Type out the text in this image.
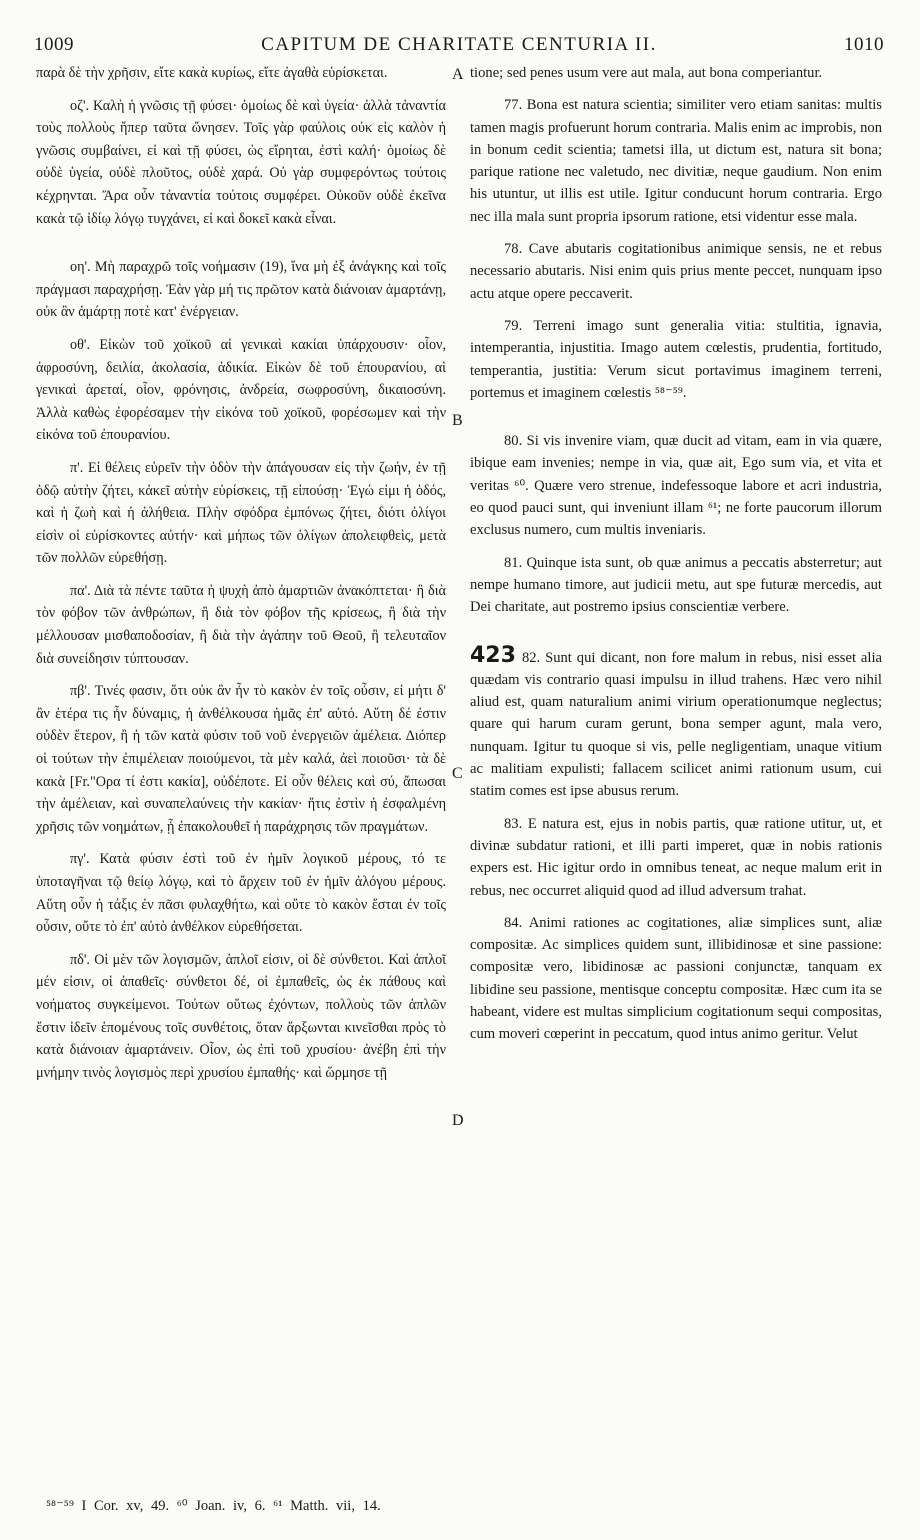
1009	CAPITUM DE CHARITATE CENTURIA II.	1010
A
B
C
D

παρὰ δὲ τὴν χρῆσιν, εἴτε κακὰ κυρίως, εἴτε ἀγαθὰ εὑρίσκεται.

οζ'. Καλὴ ἡ γνῶσις τῇ φύσει· ὁμοίως δὲ καὶ ὑγεία· ἀλλὰ τἀναντία τοὺς πολλοὺς ἤπερ ταῦτα ὤνησεν. Τοῖς γὰρ φαύλοις οὐκ εἰς καλὸν ἡ γνῶσις συμβαίνει, εἰ καὶ τῇ φύσει, ὡς εἴρηται, ἐστὶ καλή· ὁμοίως δὲ οὐδὲ ὑγεία, οὐδὲ πλοῦτος, οὐδὲ χαρά. Οὐ γὰρ συμφερόντως τούτοις κέχρηνται. Ἄρα οὖν τἀναντία τούτοις συμφέρει. Οὐκοῦν οὐδὲ ἐκεῖνα κακὰ τῷ ἰδίῳ λόγῳ τυγχάνει, εἰ καὶ δοκεῖ κακὰ εἶναι.

οη'. Μὴ παραχρῶ τοῖς νοήμασιν (19), ἵνα μὴ ἐξ ἀνάγκης καὶ τοῖς πράγμασι παραχρήσῃ. Ἐὰν γὰρ μή τις πρῶτον κατὰ διάνοιαν ἁμαρτάνῃ, οὐκ ἂν ἁμάρτῃ ποτὲ κατ' ἐνέργειαν.

οθ'. Εἰκὼν τοῦ χοϊκοῦ αἱ γενικαὶ κακίαι ὑπάρχουσιν· οἷον, ἀφροσύνη, δειλία, ἀκολασία, ἀδικία. Εἰκὼν δὲ τοῦ ἐπουρανίου, αἱ γενικαὶ ἀρεταί, οἷον, φρόνησις, ἀνδρεία, σωφροσύνη, δικαιοσύνη. Ἀλλὰ καθὼς ἐφορέσαμεν τὴν εἰκόνα τοῦ χοϊκοῦ, φορέσωμεν καὶ τὴν εἰκόνα τοῦ ἐπουρανίου.

π'. Εἰ θέλεις εὑρεῖν τὴν ὁδὸν τὴν ἀπάγουσαν εἰς τὴν ζωήν, ἐν τῇ ὁδῷ αὐτὴν ζήτει, κἀκεῖ αὐτὴν εὑρίσκεις, τῇ εἰπούσῃ· Ἐγώ εἰμι ἡ ὁδός, καὶ ἡ ζωὴ καὶ ἡ ἀλήθεια. Πλὴν σφόδρα ἐμπόνως ζήτει, διότι ὀλίγοι εἰσὶν οἱ εὑρίσκοντες αὐτήν· καὶ μήπως τῶν ὀλίγων ἀπολειφθεὶς, μετὰ τῶν πολλῶν εὑρεθήσῃ.

πα'. Διὰ τὰ πέντε ταῦτα ἡ ψυχὴ ἀπὸ ἁμαρτιῶν ἀνακόπτεται· ἢ διὰ τὸν φόβον τῶν ἀνθρώπων, ἢ διὰ τὸν φόβον τῆς κρίσεως, ἢ διὰ τὴν μέλλουσαν μισθαποδοσίαν, ἢ διὰ τὴν ἀγάπην τοῦ Θεοῦ, ἢ τελευταῖον διὰ συνείδησιν τύπτουσαν.

πβ'. Τινές φασιν, ὅτι οὐκ ἂν ἦν τὸ κακὸν ἐν τοῖς οὖσιν, εἰ μήτι δ' ἂν ἑτέρα τις ἦν δύναμις, ἡ ἀνθέλκουσα ἡμᾶς ἐπ' αὐτό. Αὕτη δέ ἐστιν οὐδὲν ἕτερον, ἢ ἡ τῶν κατὰ φύσιν τοῦ νοῦ ἐνεργειῶν ἀμέλεια. Διόπερ οἱ τούτων τὴν ἐπιμέλειαν ποιούμενοι, τὰ μὲν καλά, ἀεὶ ποιοῦσι· τὰ δὲ κακὰ [Fr."Ορα τί ἐστι κακία], οὐδέποτε. Εἰ οὖν θέλεις καὶ σύ, ἄπωσαι τὴν ἀμέλειαν, καὶ συναπελαύνεις τὴν κακίαν· ἥτις ἐστὶν ἡ ἐσφαλμένη χρῆσις τῶν νοημάτων, ᾗ ἐπακολουθεῖ ἡ παράχρησις τῶν πραγμάτων.

πγ'. Κατὰ φύσιν ἐστὶ τοῦ ἐν ἡμῖν λογικοῦ μέρους, τό τε ὑποταγῆναι τῷ θείῳ λόγῳ, καὶ τὸ ἄρχειν τοῦ ἐν ἡμῖν ἀλόγου μέρους. Αὕτη οὖν ἡ τάξις ἐν πᾶσι φυλαχθήτω, καὶ οὔτε τὸ κακὸν ἔσται ἐν τοῖς οὖσιν, οὔτε τὸ ἐπ' αὐτὸ ἀνθέλκον εὑρεθήσεται.

πδ'. Οἱ μὲν τῶν λογισμῶν, ἁπλοῖ εἰσιν, οἱ δὲ σύνθετοι. Καὶ ἁπλοῖ μέν εἰσιν, οἱ ἀπαθεῖς· σύνθετοι δέ, οἱ ἐμπαθεῖς, ὡς ἐκ πάθους καὶ νοήματος συγκείμενοι. Τούτων οὕτως ἐχόντων, πολλοὺς τῶν ἁπλῶν ἔστιν ἰδεῖν ἑπομένους τοῖς συνθέτοις, ὅταν ἄρξωνται κινεῖσθαι πρὸς τὸ κατὰ διάνοιαν ἁμαρτάνειν. Οἷον, ὡς ἐπὶ τοῦ χρυσίου· ἀνέβη ἐπὶ τὴν μνήμην τινὸς λογισμὸς περὶ χρυσίου ἐμπαθής· καὶ ὥρμησε τῇ

tione; sed penes usum vere aut mala, aut bona comperiantur.

77. Bona est natura scientia; similiter vero etiam sanitas: multis tamen magis profuerunt horum contraria. Malis enim ac improbis, non in bonum cedit scientia; tametsi illa, ut dictum est, natura sit bona; parique ratione nec valetudo, nec divitiæ, neque gaudium. Non enim his utuntur, ut illis est utile. Igitur conducunt horum contraria. Ergo nec illa mala sunt propria ipsorum ratione, etsi videntur esse mala.

78. Cave abutaris cogitationibus animique sensis, ne et rebus necessario abutaris. Nisi enim quis prius mente peccet, nunquam ipso actu atque opere peccaverit.

79. Terreni imago sunt generalia vitia: stultitia, ignavia, intemperantia, injustitia. Imago autem cœlestis, prudentia, fortitudo, temperantia, justitia: Verum sicut portavimus imaginem terreni, portemus et imaginem cœlestis ⁵⁸⁻⁵⁹.

80. Si vis invenire viam, quæ ducit ad vitam, eam in via quære, ibique eam invenies; nempe in via, quæ ait, Ego sum via, et vita et veritas ⁶⁰. Quære vero strenue, indefessoque labore et acri industria, eo quod pauci sunt, qui inveniunt illam ⁶¹; ne forte paucorum illorum exclusus numero, cum multis inveniaris.

81. Quinque ista sunt, ob quæ animus a peccatis absterretur; aut nempe humano timore, aut judicii metu, aut spe futuræ mercedis, aut Dei charitate, aut postremo ipsius conscientiæ verbere.

423 82. Sunt qui dicant, non fore malum in rebus, nisi esset alia quædam vis contrario quasi impulsu in illud trahens. Hæc vero nihil aliud est, quam naturalium animi virium operationumque neglectus; quare qui harum curam gerunt, bona semper agunt, mala vero, nunquam. Igitur tu quoque si vis, pelle negligentiam, unaque vitium ac malitiam expulisti; fallacem scilicet animi rationum usum, cui statim comes est ipse abusus rerum.

83. E natura est, ejus in nobis partis, quæ ratione utitur, ut, et divinæ subdatur rationi, et illi parti imperet, quæ in nobis rationis expers est. Hic igitur ordo in omnibus teneat, ac neque malum erit in rebus, nec occurret aliquid quod ad illud adversum trahat.

84. Animi rationes ac cogitationes, aliæ simplices sunt, aliæ compositæ. Ac simplices quidem sunt, illibidinosæ et sine passione: compositæ vero, libidinosæ ac passioni conjunctæ, tanquam ex libidine seu passione, mentisque conceptu compositæ. Hæc cum ita se habeant, videre est multas simplicium cogitationum sequi compositas, cum moveri cœperint in peccatum, quod intus animo geritur. Velut

⁵⁸⁻⁵⁹ I Cor. xv, 49. ⁶⁰ Joan. iv, 6. ⁶¹ Matth. vii, 14.
